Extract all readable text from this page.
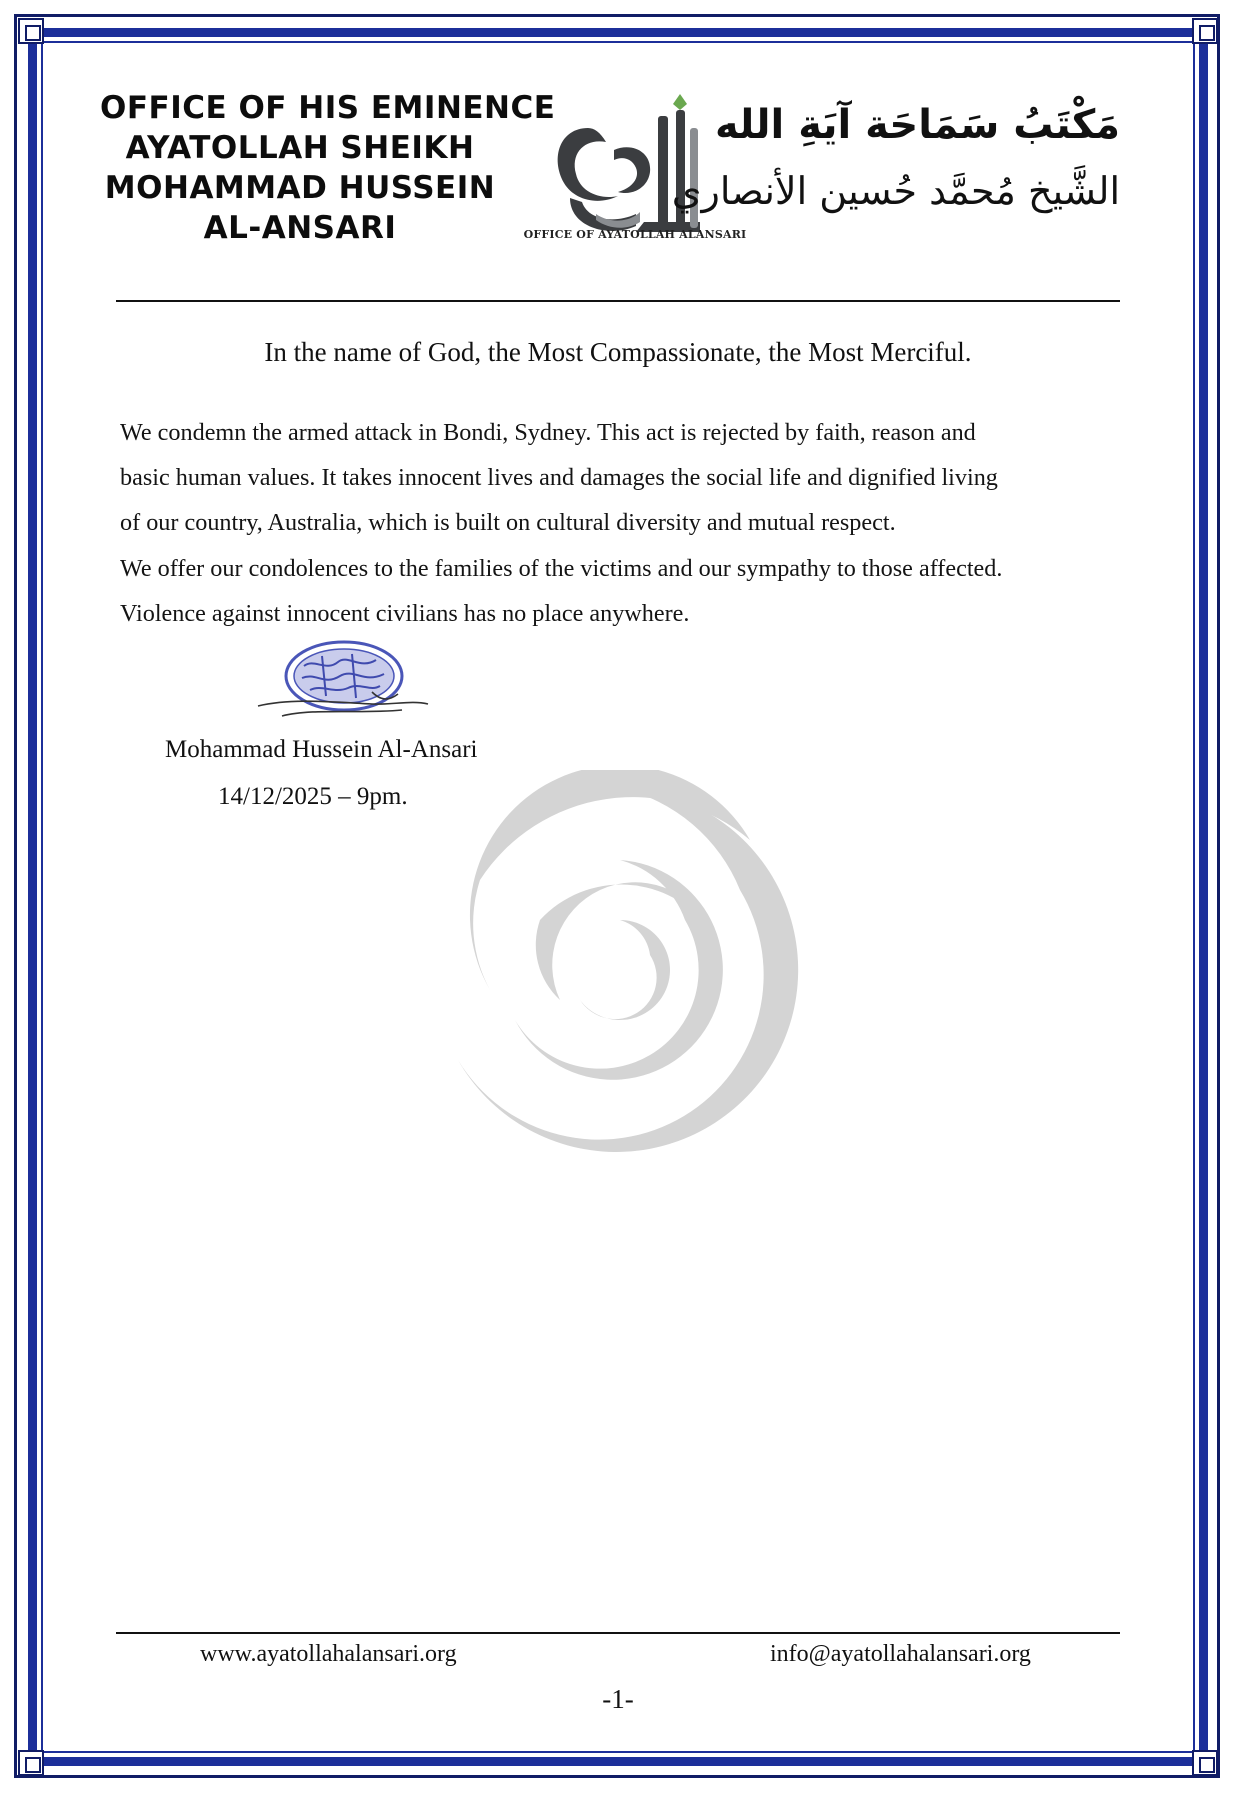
OFFICE OF HIS EMINENCE
AYATOLLAH SHEIKH
MOHAMMAD HUSSEIN
AL-ANSARI	OFFICE OF AYATOLLAH ALANSARI
مَكْتَبُ سَمَاحَة آيَةِ الله
الشَّيخ مُحمَّد حُسين الأنصاري
In the name of God, the Most Compassionate, the Most Merciful.
We condemn the armed attack in Bondi, Sydney. This act is rejected by faith, reason and
basic human values. It takes innocent lives and damages the social life and dignified living
of our country, Australia, which is built on cultural diversity and mutual respect.
We offer our condolences to the families of the victims and our sympathy to those affected.
Violence against innocent civilians has no place anywhere.
Mohammad Hussein Al-Ansari
14/12/2025 – 9pm.
www.ayatollahalansari.org	info@ayatollahalansari.org
-1-
